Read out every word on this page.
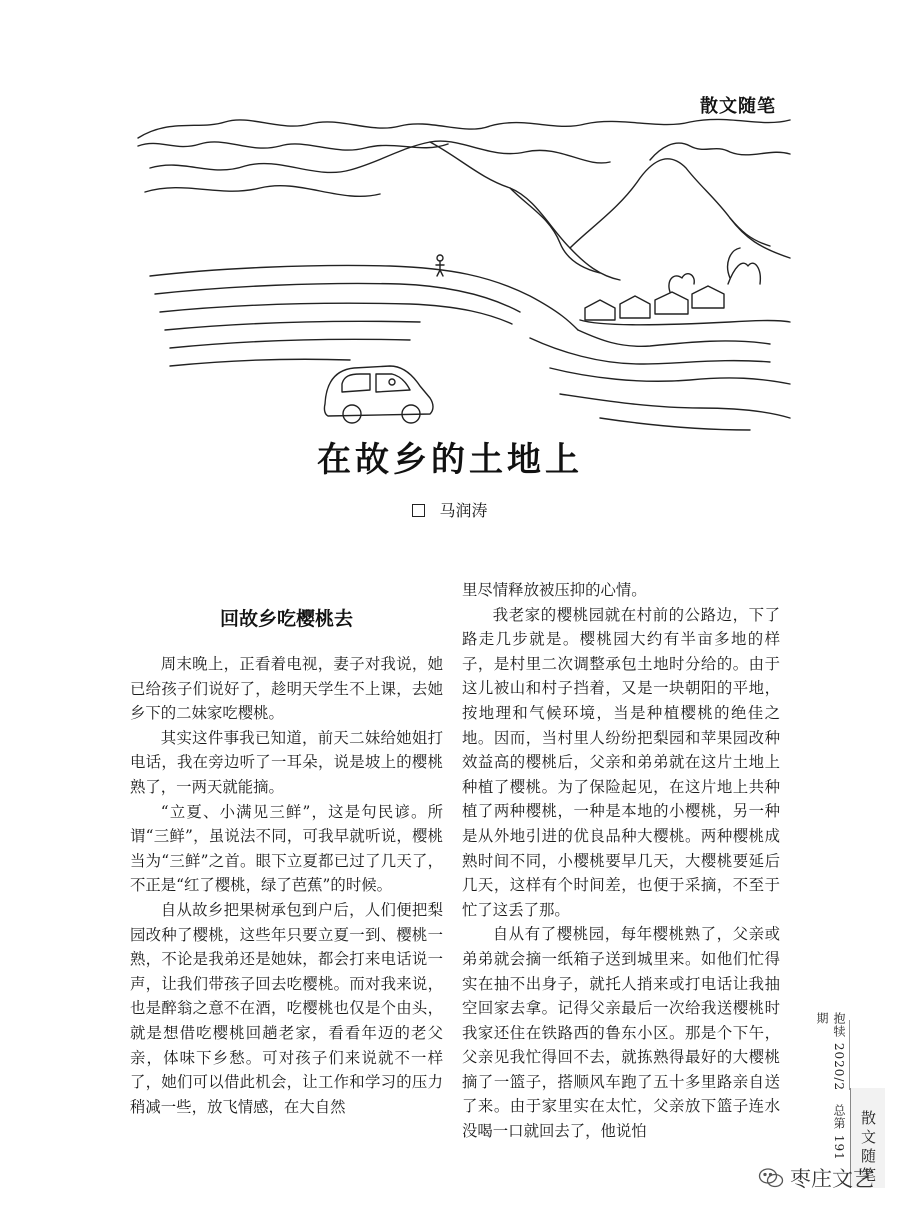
散文随笔
在故乡的土地上
马润涛
回故乡吃樱桃去

周末晚上，正看着电视，妻子对我说，她已给孩子们说好了，趁明天学生不上课，去她乡下的二妹家吃樱桃。

其实这件事我已知道，前天二妹给她姐打电话，我在旁边听了一耳朵，说是坡上的樱桃熟了，一两天就能摘。

“立夏、小满见三鲜”，这是句民谚。所谓“三鲜”，虽说法不同，可我早就听说，樱桃当为“三鲜”之首。眼下立夏都已过了几天了，不正是“红了樱桃，绿了芭蕉”的时候。

自从故乡把果树承包到户后，人们便把梨园改种了樱桃，这些年只要立夏一到、樱桃一熟，不论是我弟还是她妹，都会打来电话说一声，让我们带孩子回去吃樱桃。而对我来说，也是醉翁之意不在酒，吃樱桃也仅是个由头，就是想借吃樱桃回趟老家，看看年迈的老父亲，体味下乡愁。可对孩子们来说就不一样了，她们可以借此机会，让工作和学习的压力稍减一些，放飞情感，在大自然

里尽情释放被压抑的心情。

我老家的樱桃园就在村前的公路边，下了路走几步就是。樱桃园大约有半亩多地的样子，是村里二次调整承包土地时分给的。由于这儿被山和村子挡着，又是一块朝阳的平地，按地理和气候环境，当是种植樱桃的绝佳之地。因而，当村里人纷纷把梨园和苹果园改种效益高的樱桃后，父亲和弟弟就在这片土地上种植了樱桃。为了保险起见，在这片地上共种植了两种樱桃，一种是本地的小樱桃，另一种是从外地引进的优良品种大樱桃。两种樱桃成熟时间不同，小樱桃要早几天，大樱桃要延后几天，这样有个时间差，也便于采摘，不至于忙了这丢了那。

自从有了樱桃园，每年樱桃熟了，父亲或弟弟就会摘一纸箱子送到城里来。如他们忙得实在抽不出身子，就托人捎来或打电话让我抽空回家去拿。记得父亲最后一次给我送樱桃时我家还住在铁路西的鲁东小区。那是个下午，父亲见我忙得回不去，就拣熟得最好的大樱桃摘了一篮子，搭顺风车跑了五十多里路亲自送了来。由于家里实在太忙，父亲放下篮子连水没喝一口就回去了，他说怕	抱犊 2020/2　总第 191 期
散文随笔
枣庄文艺
